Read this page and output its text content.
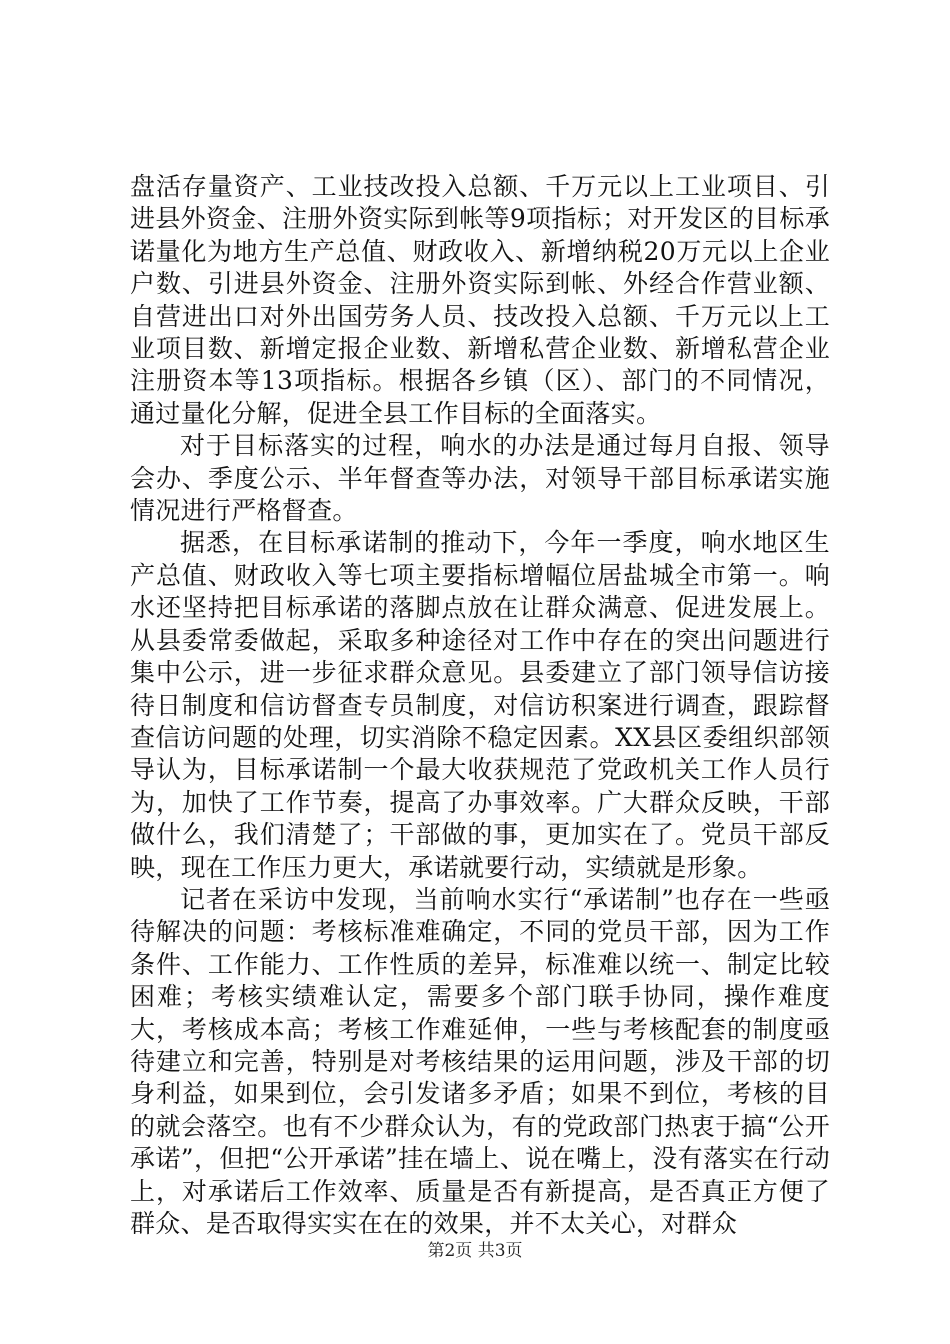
盘活存量资产、工业技改投入总额、千万元以上工业项目、引进县外资金、注册外资实际到帐等9项指标；对开发区的目标承诺量化为地方生产总值、财政收入、新增纳税20万元以上企业户数、引进县外资金、注册外资实际到帐、外经合作营业额、自营进出口对外出国劳务人员、技改投入总额、千万元以上工业项目数、新增定报企业数、新增私营企业数、新增私营企业注册资本等13项指标。根据各乡镇（区）、部门的不同情况，通过量化分解，促进全县工作目标的全面落实。

对于目标落实的过程，响水的办法是通过每月自报、领导会办、季度公示、半年督查等办法，对领导干部目标承诺实施情况进行严格督查。

据悉，在目标承诺制的推动下，今年一季度，响水地区生产总值、财政收入等七项主要指标增幅位居盐城全市第一。响水还坚持把目标承诺的落脚点放在让群众满意、促进发展上。从县委常委做起，采取多种途径对工作中存在的突出问题进行集中公示，进一步征求群众意见。县委建立了部门领导信访接待日制度和信访督查专员制度，对信访积案进行调查，跟踪督查信访问题的处理，切实消除不稳定因素。XX县区委组织部领导认为，目标承诺制一个最大收获规范了党政机关工作人员行为，加快了工作节奏，提高了办事效率。广大群众反映，干部做什么，我们清楚了；干部做的事，更加实在了。党员干部反映，现在工作压力更大，承诺就要行动，实绩就是形象。

记者在采访中发现，当前响水实行“承诺制”也存在一些亟待解决的问题：考核标准难确定，不同的党员干部，因为工作条件、工作能力、工作性质的差异，标准难以统一、制定比较困难；考核实绩难认定，需要多个部门联手协同，操作难度大，考核成本高；考核工作难延伸，一些与考核配套的制度亟待建立和完善，特别是对考核结果的运用问题，涉及干部的切身利益，如果到位，会引发诸多矛盾；如果不到位，考核的目的就会落空。也有不少群众认为，有的党政部门热衷于搞“公开承诺”，但把“公开承诺”挂在墙上、说在嘴上，没有落实在行动上，对承诺后工作效率、质量是否有新提高，是否真正方便了群众、是否取得实实在在的效果，并不太关心，对群众

第2页 共3页
